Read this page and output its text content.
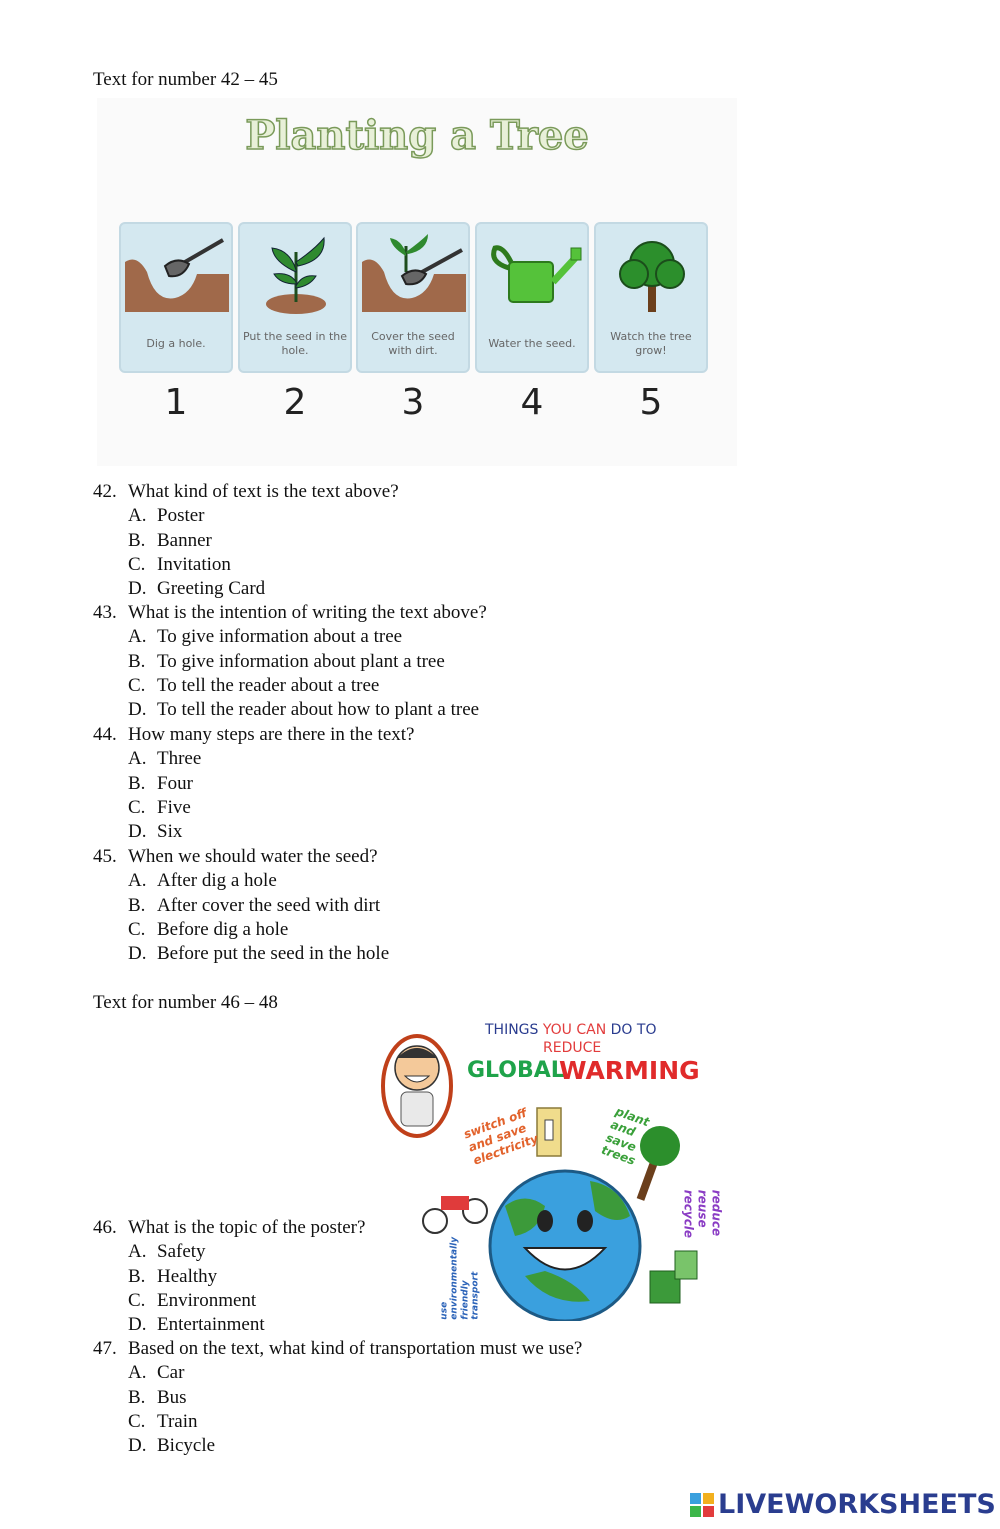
Text for number 42 – 45
Planting a Tree
Dig a hole.
1
Put the seed in the hole.
2
Cover the seed with dirt.
3
Water the seed.
4
Watch the tree grow!
5
42. What kind of text is the text above?
A. Poster
B. Banner
C. Invitation
D. Greeting Card
43. What is the intention of writing the text above?
A. To give information about a tree
B. To give information about plant a tree
C. To tell the reader about a tree
D. To tell the reader about how to plant a tree
44. How many steps are there in the text?
A. Three
B. Four
C. Five
D. Six
45. When we should water the seed?
A. After dig a hole
B. After cover the seed with dirt
C. Before dig a hole
D. Before put the seed in the hole
Text for number 46 – 48
THINGS YOU CAN DO TO
REDUCE
GLOBAL
WARMING
switch off and save electricity
plant and save trees
reduce reuse recycle
use environmentally friendly transport
46. What is the topic of the poster?
A. Safety
B. Healthy
C. Environment
D. Entertainment
47. Based on the text, what kind of transportation must we use?
A. Car
B. Bus
C. Train
D. Bicycle
LIVEWORKSHEETS
